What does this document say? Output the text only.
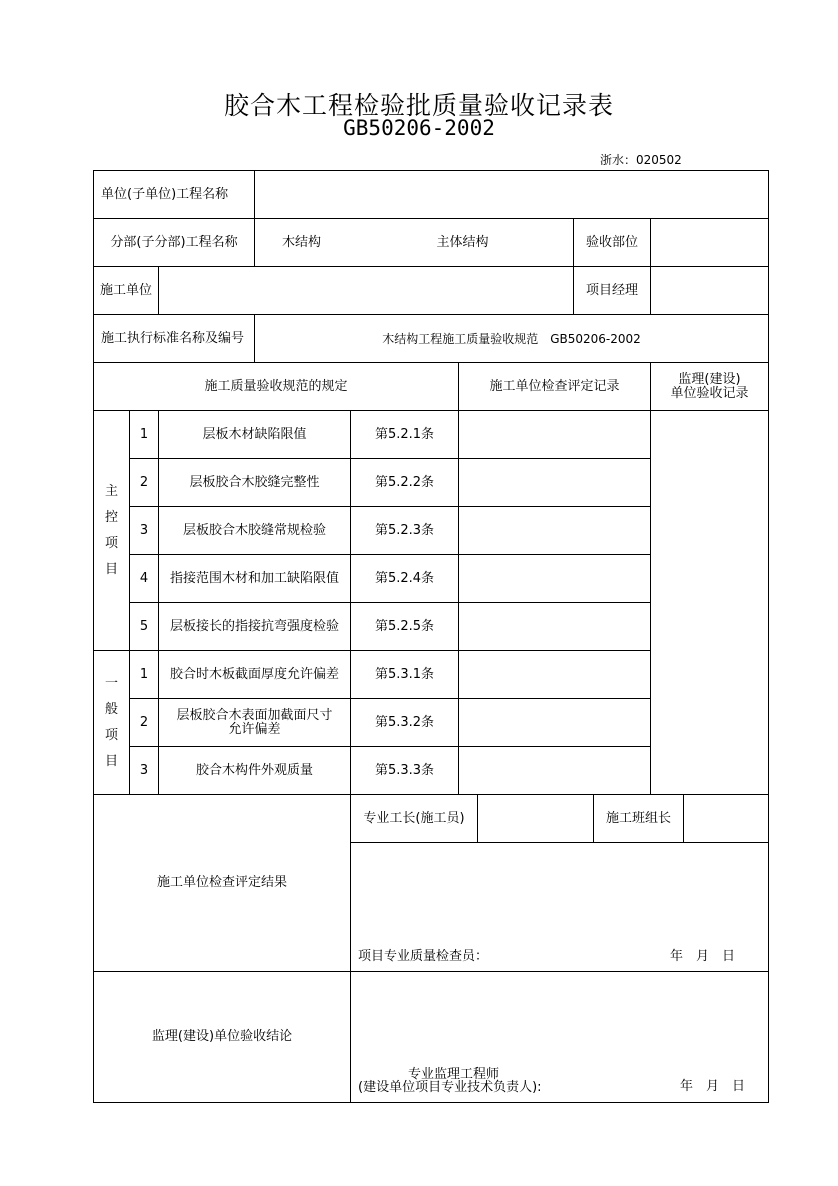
胶合木工程检验批质量验收记录表
GB50206-2002
浙水：020502
单位(子单位)工程名称
分部(子分部)工程名称	木结构	主体结构	验收部位
施工单位	项目经理
施工执行标准名称及编号	木结构工程施工质量验收规范　GB50206-2002
施工质量验收规范的规定	施工单位检查评定记录	监理(建设)
单位验收记录
主
控
项
目
1	层板木材缺陷限值	第5.2.1条
2	层板胶合木胶缝完整性	第5.2.2条
3	层板胶合木胶缝常规检验	第5.2.3条
4	指接范围木材和加工缺陷限值	第5.2.4条
5	层板接长的指接抗弯强度检验	第5.2.5条
一
般
项
目
1	胶合时木板截面厚度允许偏差	第5.3.1条
2	层板胶合木表面加截面尺寸
允许偏差	第5.3.2条
3	胶合木构件外观质量	第5.3.3条
施工单位检查评定结果
专业工长(施工员)	施工班组长
项目专业质量检查员：	年　月　日
监理(建设)单位验收结论
专业监理工程师
(建设单位项目专业技术负责人):	年　月　日
